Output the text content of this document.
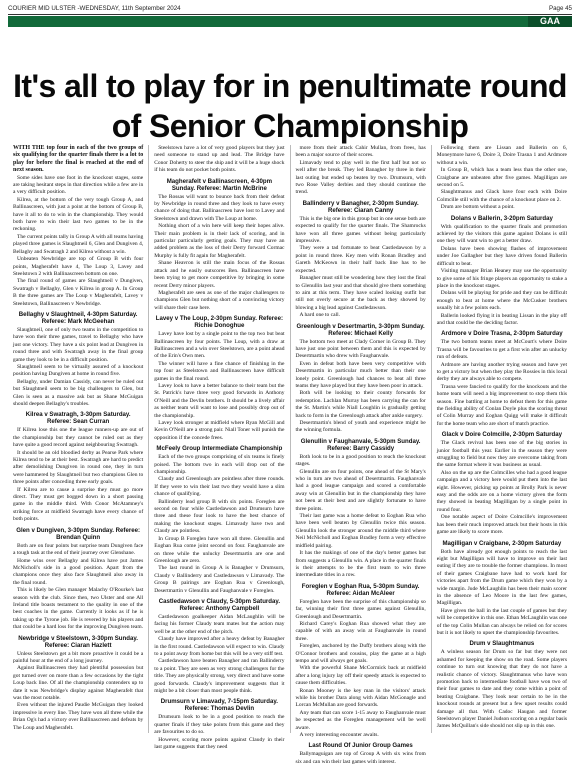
COURIER MID ULSTER -WEDNESDAY, 11th September 2024	Page 45
GAA
It's all to play for in penultimate round of Senior Championship

WITH THE top four in each of the two groups of six qualifying for the quarter finals there is a lot to play for before the final is reached at the end of next season.

Some sides have one foot in the knockout stages, some are taking hesitant steps in that direction while a few are in a very difficult position.

Kilrea, at the bottom of the very tough Group A, and Ballinascreen, with just a point at the bottom of Group B, have it all to do to win in the championship. They would both have to win their last two games to be in the reckoning.

The current points tally in Group A with all teams having played three games is Slaughtneil 6, Glen and Dungiven 4, Bellaghy and Swatragh 2 and Kilrea without a win.

Unbeaten Newbridge are top of Group B with four points, Magherafelt have 4, The Loup 3, Lavey and Steelstown 2 with Ballinascreen bottom on one.

The final round of games are Slaughtneil v Dungiven, Swatragh v Bellaghy, Glen v Kilrea in group A. In Group B the three games are The Loup v Magherafelt, Lavey v Steelstown, Ballinascreen v Newbridge.

Bellaghy v Slaughtneil, 4-30pm Saturday. Referee: Mark McGeehan

Slaughtneil, one of only two teams in the competition to have won their three games, travel to Bellaghy who have just one victory. They have a six point lead at Dungiven in round three and with Swatragh away in the final group game they look to be in a difficult position.

Slaughtneil seem to be virtually assured of a knockout position having Dungiven at home in round five.

Bellaghy, under Damian Cassidy, can never be ruled out but Slaughtneil seem to be big challengers to Glen, but Glen is seen as a massive ask but as Shane McGuigan should deepen Bellaghy's troubles.

Kilrea v Swatragh, 3-30pm Saturday. Referee: Sean Curran

If Kilrea lose this one the league runners-up are out of the championship but they cannot be ruled out as they have quite a good record against neighbouring Swatragh.

It should be an old bloodied derby as Pearse Park where Kilrea tend to be at their best. Swatragh are hard to predict after demolishing Dungiven in round one, they in turn were hammered by Slaughtneil but two champions Glen to three points after conceding three early goals.

If Kilrea are to cause a surprise they must go more direct. They must get bogged down in a short passing game in the middle third. With Conor McAtamney's striking force at midfield Swatragh have every chance of both points.

Glen v Dungiven, 3-30pm Sunday. Referee: Brendan Quinn

Both are on four points but surprise team Dungiven face a tough task at the end of their journey over Glenshane.

Home wins over Bellaghy and Kilrea have put James McNicholl's side in a good position. Apart from the champions once they also face Slaughtneil also away in the final round.

This is likely be Glen manager Malachy O'Rourke's last season with the club. Since then, two Ulster and one All Ireland title boasts testament to the quality in one of the best coaches in the game. Currently it looks as if he is taking up the Tyrone job. He is revered by his players and that could be a hard loss for the improving Dungiven team.

Newbridge v Steelstown, 3-30pm Sunday. Referee: Ciaran Hazlett

Unless Steelstown get a bit more proactive it could be a painful hour at the end of a long journey.

Against Ballinascreen they had plentiful possession but got turned over on more than a few occasions by the tight Loup back line. Of all the championship contenders up to date it was Newbridge's display against Magherafelt that was the most notable.

Even without the injured Paudie McGuigan they looked impressive in every line. They have won all three while the Brian Og's had a victory over Ballinascreen and defeats by The Loup and Magherafelt.

Steelstown have a lot of very good players but they just need someone to stand up and lead. The Bridge have Conor Doherty to steer the ship and it will be a huge shock if his team do not pocket both points.

Magherafelt v Ballinascreen, 4-30pm Sunday. Referee: Martin McBrine

The Rossas will want to bounce back from their defeat by Newbridge in round three and they look to have every chance of doing that. Ballinascreen have lost to Lavey and Steelstown and drawn with The Loup at home.

Nothing short of a win here will keep their hopes alive. Their main problem is in their lack of scoring, and in particular particularly getting goals. They may have an added problem as the loss of their Derry forward Cormac Murphy is fully fit again for Magherafelt.

Shane Heavron is still the main focus of the Rossas attack and he easily outscores Ben. Ballinascreen have been trying to get more competitive by bringing in some recent Derry minor players.

Magherafelt are seen as one of the major challengers to champions Glen but nothing short of a convincing victory will share their case here.

Lavey v The Loup, 2-30pm Sunday. Referee: Richie Donoghue

Lavey have lost by a single point to the top two but beat Ballinascreen by four points. The Loup, with a draw at Ballinascreen and a win over Steelstown, are a point ahead of the Erin's Own men.

The winner will have a fine chance of finishing in the top four as Steelstown and Ballinascreen have difficult games in the final round.

Lavey look to have a better balance to their team but the St. Patrick's have three very good forwards in Anthony O'Neill and the Devlin brothers. It should be a lively affair as neither team will want to lose and possibly drop out of the championship.

Lavey look stronger at midfield where Ryan McGill and Kevin O'Neill are a strong pair. Niall Toner will punish the opposition if the concede frees.

McFeely Group Intermediate Championship

Each of the two groups comprising of six teams is finely poised. The bottom two in each will drop out of the championship.

Claudy and Greenlough are pointless after three rounds. If they were to win their last two they would have a slim chance of qualifying.

Ballinderry lead group B with six points. Foreglen are second on four while Castledawson and Drumsurn have three and these four look to have the best chance of making the knockout stages. Limavady have two and Claudy are pointless.

In Group B Foreglen have won all three. Glenullin and Eoghan Rua come joint second on four. Faughanvale are on three while the unlucky Desertmartin are one and Greenlough are zero.

The last round in Group A is Banagher v Drumsurn, Claudy v Ballinderry and Castledawson v Limavady. The Group B pairings are Eoghan Rua v Greenlough, Desertmartin v Glenullin and Faughanvale v Foreglen.

Castledawson v Claudy, 5-30pm Saturday. Referee: Anthony Campbell

Castledawson goalkeeper Aidan McLaughlin will be facing his former Claudy team mates but the action may well be at the other end of the pitch.

Claudy have improved after a heavy defeat by Banagher in the first round. Castledawson will expect to win. Claudy to a point away from home but this will be a very stiff test.

Castledawson have beaten Banagher and ran Ballinderry to a point. They are seen as very strong challengers for the title. They are physically strong, very direct and have some good forwards. Claudy's improvement suggests that it might be a bit closer than most people think.

Drumsurn v Limavady, 7-15pm Saturday. Referee: Thomas Devlin

Drumsurn look to be in a good position to reach the quarter finals if they take points from this game and they are favourites to do so.

However, scoring more points against Claudy in their last game suggests that they need

more from their attack Cahir Mullan, from frees, has been a major source of their scores.

Limavady tend to play well in the first half but not so well after the break. They led Banagher by three in their last outing but ended up beaten by two. Drumsurn, with two Rose Valley derbies and they should continue the trend.

Ballinderry v Banagher, 2-30pm Sunday. Referee: Ciaran Canny

This is the big one in this group but in one sense both are expected to qualify for the quarter finals. The Shamrocks have won all three games without being particularly impressive.

They were a tad fortunate to beat Castledawson by a point in round three. Key men with Ronan Bradley and Gareth McKeown in their half back line has to be expected.

Banagher must still be wondering how they lost the final to Glenullin last year and that should give them something to aim at this term. They have scaled looking outfit but still not overly secure at the back as they showed by blowing a big lead against Castledawson.

A hard one to call.

Greenlough v Desertmartin, 3-30pm Sunday. Referee: Michael Kelly

The bottom two meet at Clady Corner in Group B. They have just one point between them and this is expected by Desertmartin who drew with Faughanvale.

Even in defeat both have been very competitive with Desertmartin in particular much better than their one lonely point. Greenlough had chances to beat all three teams they have played but they have been poor in attack.

Both will be looking to their county forwards for redemption. Lachlan Murray has been carrying the can for the St. Martin's while Niall Loughlin is gradually getting back to form in the Greenlough attack after ankle surgery.

Desertmartin's blend of youth and experience might be the winning formula.

Glenullin v Faughanvale, 5-30pm Sunday. Referee: Barry Cassidy

Both look to be in a good position to reach the knockout stages.

Glenullin are on four points, one ahead of the St Mary's who in turn are two ahead of Desertmartin. Faughanvale had a good league campaign and scored a comfortable away win at Glenullin but in the championship they have not been at their best and are slightly fortunate to have three points.

Their last game was a home defeat to Eoghan Rua who have been well beaten by Glenullin twice this season. Glenullin look the stronger around the middle third where Neil McNicholl and Eoghan Bradley form a very effective midfield pairing.

It has the makings of one of the day's better games but from suggests a Glenullin win. A place in the quarter finals is their attempts to be the first team to win three intermediate titles in a row.

Foreglen v Eoghan Rua, 5-30pm Sunday. Referee: Aidan McAleer

Foreglen have been the surprise of this championship so far, winning their first three games against Glenullin, Greenlough and Desertmartin.

Richard Carey's Eoghan Rua showed what they are capable of with an away win at Faughanvale in round three.

Foreglen, anchored by the Duffy brothers along with the O'Connor brothers and cousins, play the game at a high tempo and will always get goals.

With the powerful Shane McCormick back at midfield after a long injury lay off their speedy attack is expected to cause them difficulties.

Ronan Mooney is the key man in the visitors' attack while his brother Dara along with Aidan McGonagle and Lorcan McMullan are good forwards.

Any team that can score 1-15 away to Faughanvale must be respected as the Foreglen management will be well aware.

A very interesting encounter awaits.

Last Round Of Junior Group Games

Ballymaguigan are top of Group A with six wins from six and can win their last games with interest.

Following them are Lissan and Ballerin on 6, Moneymore have 6, Doire 3, Doire Trasna 1 and Ardmore without a win.

In Group B, which has a team less than the other one, Craigbane are unbeaten after five games. Magilligan are second on 5.

Slaughtmanus and Glack have four each with Doire Colmcille still with the chance of a knockout place on 2.

Drum are bottom without a point.

Dolans v Ballerin, 3-20pm Saturday

With qualification to the quarter finals and promotion achieved by the visitors this game against Dolans is still one they will want win to get a better draw.

Dolans have been showing flashes of improvement under Joe Gallagher but they have driven found Ballerin difficult to beat.

Visiting manager Brian Heaney may use the opportunity to give some of his fringe players an opportunity to stake a place in the knockout stages.

Dolans will be playing for pride and they can be difficult enough to beat at home where the McCusker brothers usually hit a few points each.

Ballerin looked flying it in beating Lissan in the play off and that could be the deciding factor.

Ardmore v Doire Trasna, 2-30pm Saturday

The two bottom teams meet at McCourt's where Doire Trasna will be favourites to get a first win after an unlucky run of defeats.

Ardmore are having another trying season and have yet to get a victory but when they play the Rossies in this local derby they are always able to compete.

Trasna were fancied to qualify for the knockouts and the home team will need a big improvement to stop them this season. Fine battling at home to defeat them for this game the fielding ability of Conlan Doyle plus the scoring threat of Colin Murray and Eoghan Quigg will make it difficult for the home team who are short of match practice.

Glack v Doire Colmcille, 2-30pm Saturday

The Glack revival has been one of the big stories in junior football this year. Earlier in the season they were struggling to field but now they are overcome taking from the same format where it was business as usual.

Also on the up are the Colmcilles who had a good league campaign and a victory here would put them into the last eight. However, picking up points at Brolly Park is never easy and the odds are on a home victory given the form they showed in beating Magilligan by a single point in round four.

One notable aspect of Doire Colmcille's improvement has been their much improved attack but their hosts in this game are likely to score more.

Magilligan v Craigbane, 2-30pm Saturday

Both have already got enough points to reach the last eight but Magilligan will have to improve on their last outing if they are to trouble the former champions. In most of their games Craigbane have had to work hard for victories apart from the Drum game which they won by a wide margin. Jude McLaughlin has been their main scorer in the absence of Leo Moore in the last few games, Magilligan.

Have given the ball in the last couple of games but they will be competitive in this one. Ethan McLaughlin was one of the top Colin Mullan can always be relied on for scores but it is not likely to upset the championship favourites.

Drum v Slaughtmanus

A winless season for Drum so far but they were not ashamed for keeping the show on the road. Some players continue to turn out knowing that they do not have a realistic chance of victory. Slaughtmanus who have won promotion back to intermediate football have won two of their four games to date and they come within a point of beating Craigbane. They look near certain to be in the knockout rounds at present but a few upset results could damage all that. With Cadoc Haugan and former Steelstown player Daniel Judson scoring on a regular basis James McQuillan's side should not slip up in this one.
